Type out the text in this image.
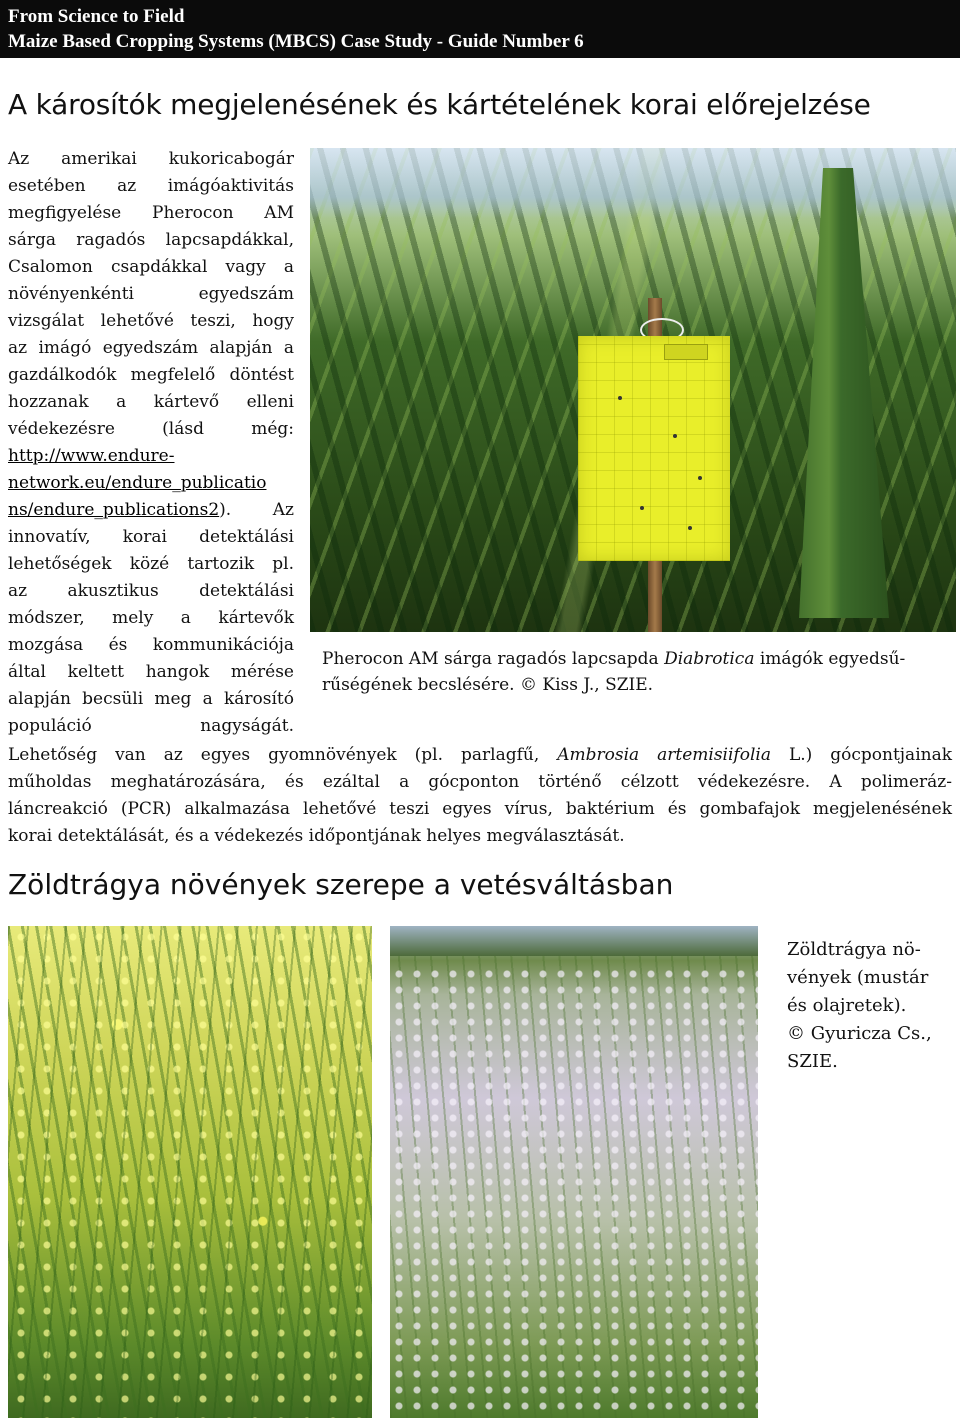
From Science to Field
Maize Based Cropping Systems (MBCS) Case Study - Guide Number 6
A károsítók megjelenésének és kártételének korai előrejelzése
Az amerikai kukoricabogár
esetében az imágóaktivitás
megfigyelése Pherocon AM
sárga ragadós lapcsapdákkal,
Csalomon csapdákkal vagy a
növényenkénti egyedszám
vizsgálat lehetővé teszi, hogy
az imágó egyedszám alapján a
gazdálkodók megfelelő döntést
hozzanak a kártevő elleni
védekezésre (lásd még:
http://www.endure-
network.eu/endure_publicatio
ns/endure_publications2). Az
innovatív, korai detektálási
lehetőségek közé tartozik pl.
az akusztikus detektálási
módszer, mely a kártevők
mozgása és kommunikációja
által keltett hangok mérése
alapján becsüli meg a károsító
populáció nagyságát.
Pherocon AM sárga ragadós lapcsapda Diabrotica imágók egyedsű-
rűségének becslésére. © Kiss J., SZIE.
Lehetőség van az egyes gyomnövények (pl. parlagfű, Ambrosia artemisiifolia L.) gócpontjainak
műholdas meghatározására, és ezáltal a gócponton történő célzott védekezésre. A polimeráz-
láncreakció (PCR) alkalmazása lehetővé teszi egyes vírus, baktérium és gombafajok megjelenésének
korai detektálását, és a védekezés időpontjának helyes megválasztását.
Zöldtrágya növények szerepe a vetésváltásban
Zöldtrágya nö-
vények (mustár
és olajretek).
© Gyuricza Cs.,
SZIE.
